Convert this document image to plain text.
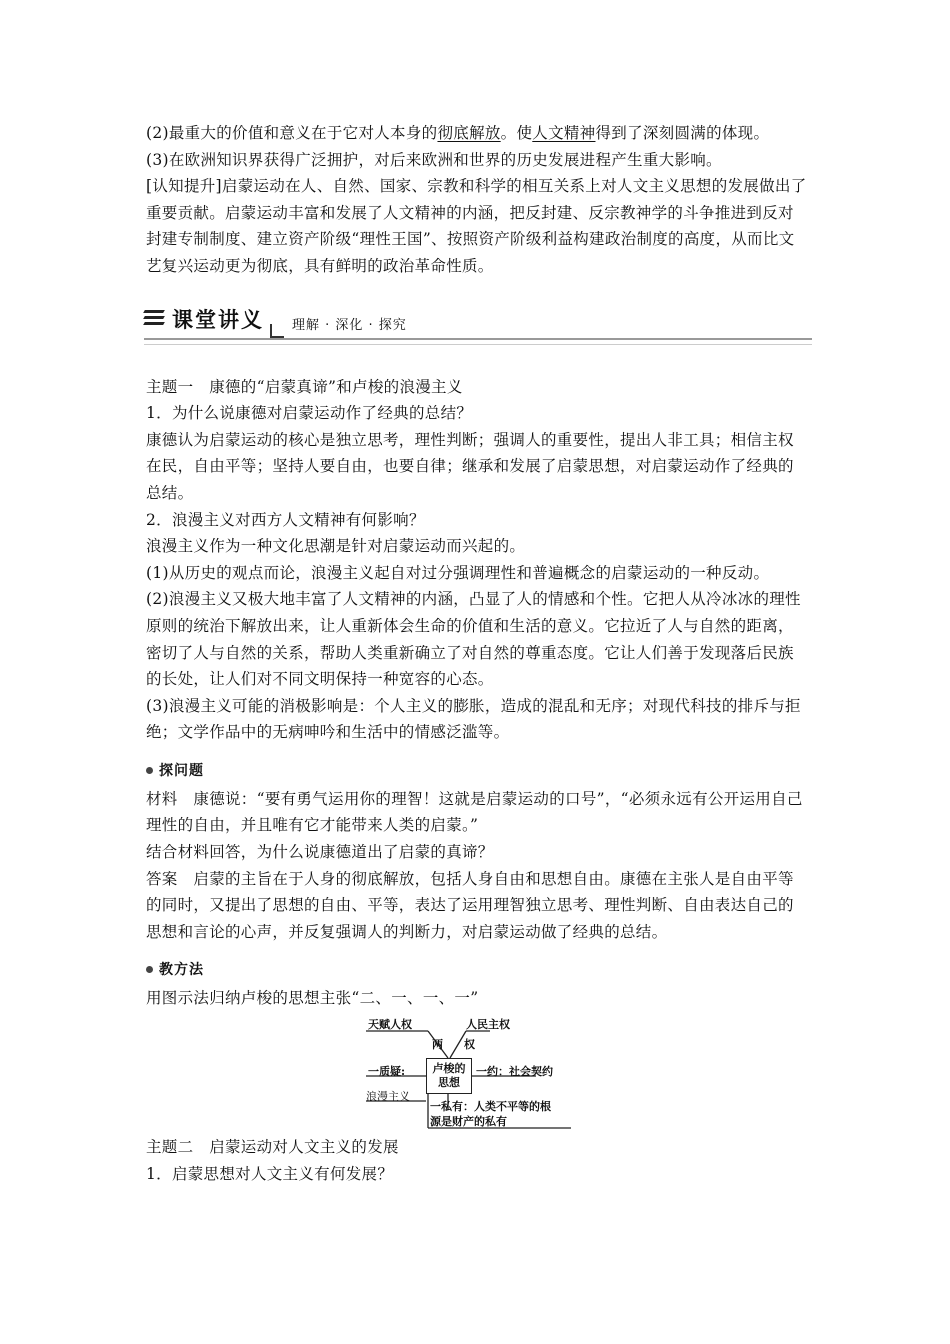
(2)最重大的价值和意义在于它对人本身的彻底解放。使人文精神得到了深刻圆满的体现。

(3)在欧洲知识界获得广泛拥护，对后来欧洲和世界的历史发展进程产生重大影响。

[认知提升]启蒙运动在人、自然、国家、宗教和科学的相互关系上对人文主义思想的发展做出了重要贡献。启蒙运动丰富和发展了人文精神的内涵，把反封建、反宗教神学的斗争推进到反对封建专制制度、建立资产阶级“理性王国”、按照资产阶级利益构建政治制度的高度，从而比文艺复兴运动更为彻底，具有鲜明的政治革命性质。

课堂讲义 理解 · 深化 · 探究

主题一　康德的“启蒙真谛”和卢梭的浪漫主义

1．为什么说康德对启蒙运动作了经典的总结？

康德认为启蒙运动的核心是独立思考，理性判断；强调人的重要性，提出人非工具；相信主权在民，自由平等；坚持人要自由，也要自律；继承和发展了启蒙思想，对启蒙运动作了经典的总结。

2．浪漫主义对西方人文精神有何影响？

浪漫主义作为一种文化思潮是针对启蒙运动而兴起的。

(1)从历史的观点而论，浪漫主义起自对过分强调理性和普遍概念的启蒙运动的一种反动。

(2)浪漫主义又极大地丰富了人文精神的内涵，凸显了人的情感和个性。它把人从冷冰冰的理性原则的统治下解放出来，让人重新体会生命的价值和生活的意义。它拉近了人与自然的距离，密切了人与自然的关系，帮助人类重新确立了对自然的尊重态度。它让人们善于发现落后民族的长处，让人们对不同文明保持一种宽容的心态。

(3)浪漫主义可能的消极影响是：个人主义的膨胀，造成的混乱和无序；对现代科技的排斥与拒绝；文学作品中的无病呻吟和生活中的情感泛滥等。

探问题

材料　康德说：“要有勇气运用你的理智！这就是启蒙运动的口号”，“必须永远有公开运用自己理性的自由，并且唯有它才能带来人类的启蒙。”

结合材料回答，为什么说康德道出了启蒙的真谛？

答案　启蒙的主旨在于人身的彻底解放，包括人身自由和思想自由。康德在主张人是自由平等的同时，又提出了思想的自由、平等，表达了运用理智独立思考、理性判断、自由表达自己的思想和言论的心声，并反复强调人的判断力，对启蒙运动做了经典的总结。

教方法

用图示法归纳卢梭的思想主张“二、一、一、一”

天赋人权	人民主权
两 权
卢梭的
思想
一质疑:	一约：社会契约
浪漫主义
一私有：人类不平等的根
源是财产的私有

主题二　启蒙运动对人文主义的发展

1．启蒙思想对人文主义有何发展？
